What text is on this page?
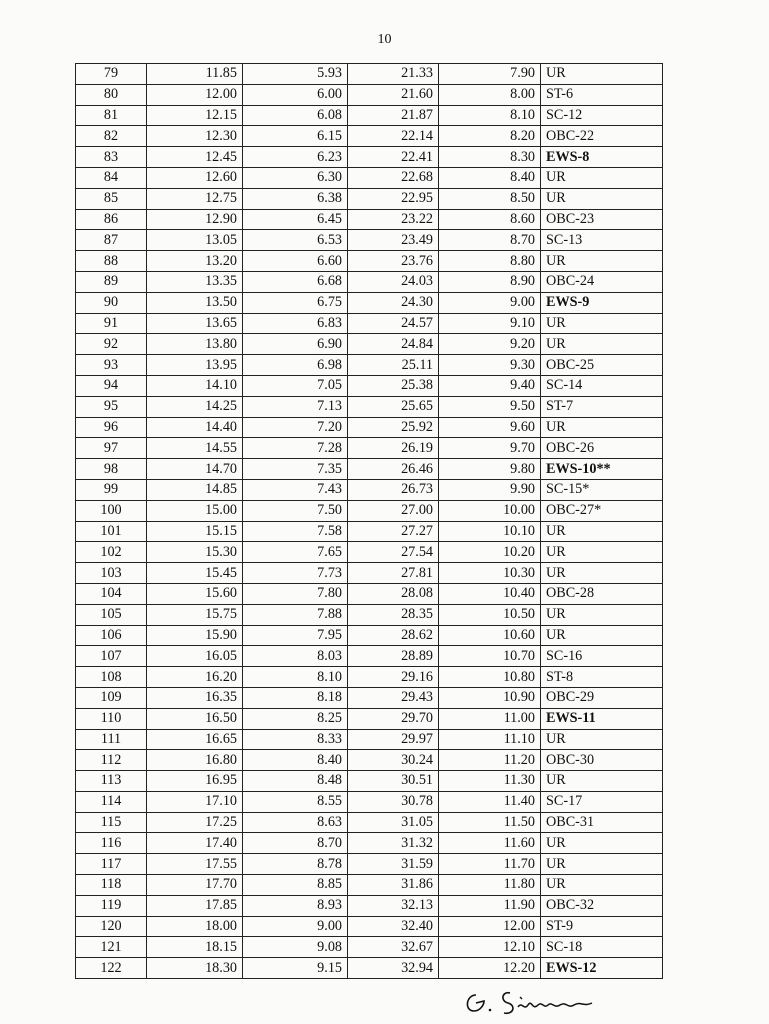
10
79	11.85	5.93	21.33	7.90	UR
80	12.00	6.00	21.60	8.00	ST-6
81	12.15	6.08	21.87	8.10	SC-12
82	12.30	6.15	22.14	8.20	OBC-22
83	12.45	6.23	22.41	8.30	EWS-8
84	12.60	6.30	22.68	8.40	UR
85	12.75	6.38	22.95	8.50	UR
86	12.90	6.45	23.22	8.60	OBC-23
87	13.05	6.53	23.49	8.70	SC-13
88	13.20	6.60	23.76	8.80	UR
89	13.35	6.68	24.03	8.90	OBC-24
90	13.50	6.75	24.30	9.00	EWS-9
91	13.65	6.83	24.57	9.10	UR
92	13.80	6.90	24.84	9.20	UR
93	13.95	6.98	25.11	9.30	OBC-25
94	14.10	7.05	25.38	9.40	SC-14
95	14.25	7.13	25.65	9.50	ST-7
96	14.40	7.20	25.92	9.60	UR
97	14.55	7.28	26.19	9.70	OBC-26
98	14.70	7.35	26.46	9.80	EWS-10**
99	14.85	7.43	26.73	9.90	SC-15*
100	15.00	7.50	27.00	10.00	OBC-27*
101	15.15	7.58	27.27	10.10	UR
102	15.30	7.65	27.54	10.20	UR
103	15.45	7.73	27.81	10.30	UR
104	15.60	7.80	28.08	10.40	OBC-28
105	15.75	7.88	28.35	10.50	UR
106	15.90	7.95	28.62	10.60	UR
107	16.05	8.03	28.89	10.70	SC-16
108	16.20	8.10	29.16	10.80	ST-8
109	16.35	8.18	29.43	10.90	OBC-29
110	16.50	8.25	29.70	11.00	EWS-11
111	16.65	8.33	29.97	11.10	UR
112	16.80	8.40	30.24	11.20	OBC-30
113	16.95	8.48	30.51	11.30	UR
114	17.10	8.55	30.78	11.40	SC-17
115	17.25	8.63	31.05	11.50	OBC-31
116	17.40	8.70	31.32	11.60	UR
117	17.55	8.78	31.59	11.70	UR
118	17.70	8.85	31.86	11.80	UR
119	17.85	8.93	32.13	11.90	OBC-32
120	18.00	9.00	32.40	12.00	ST-9
121	18.15	9.08	32.67	12.10	SC-18
122	18.30	9.15	32.94	12.20	EWS-12
